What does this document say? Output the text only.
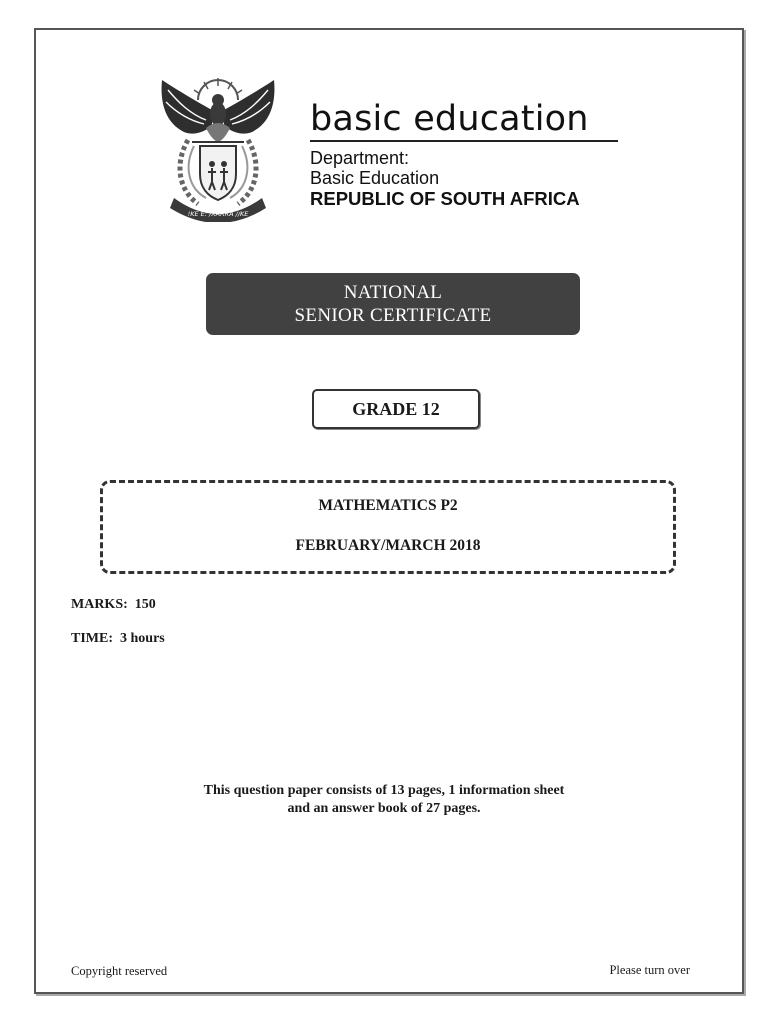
!KE E: /XARRA //KE
basic education
Department:
Basic Education
REPUBLIC OF SOUTH AFRICA
NATIONAL
SENIOR CERTIFICATE
GRADE 12
MATHEMATICS P2
FEBRUARY/MARCH 2018
MARKS:  150
TIME:  3 hours
This question paper consists of 13 pages, 1 information sheet
and an answer book of 27 pages.
Copyright reserved	Please turn over
